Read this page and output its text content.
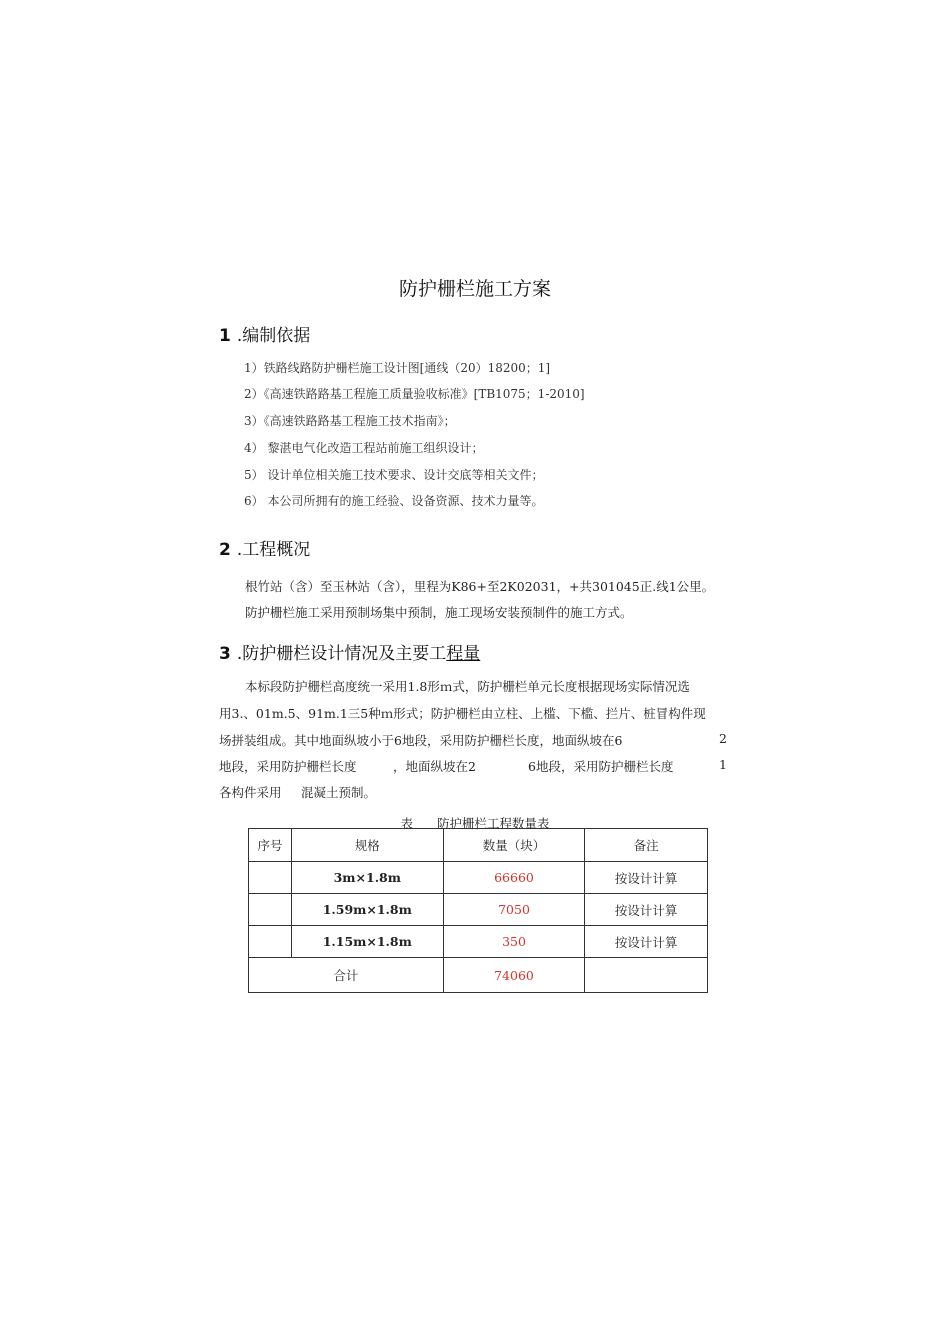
防护栅栏施工方案
1 .编制依据
1）铁路线路防护栅栏施工设计图[通线（20）18200；1]
2）《高速铁路路基工程施工质量验收标准》[TB1075；1-2010]
3）《高速铁路路基工程施工技术指南》；
4） 黎湛电气化改造工程站前施工组织设计；
5） 设计单位相关施工技术要求、设计交底等相关文件；
6） 本公司所拥有的施工经验、设备资源、技术力量等。
2 .工程概况
根竹站（含）至玉林站（含），里程为K86+至2K02031，+共301045正.线1公里。
防护栅栏施工采用预制场集中预制，施工现场安装预制件的施工方式。
3 .防护栅栏设计情况及主要工程量
本标段防护栅栏高度统一采用1.8形ｍ式，防护栅栏单元长度根据现场实际情况选
用3.、01m.5、91m.1三5种ｍ形式；防护栅栏由立柱、上槛、下槛、拦片、桩冒构件现
场拼装组成。其中地面纵坡小于6地段，采用防护栅栏长度，地面纵坡在6	2
地段，采用防护栅栏长度	，地面纵坡在2	6地段，采用防护栅栏长度	1
各构件采用 混凝土预制。
表 防护栅栏工程数量表
序号	规格	数量（块）	备注
	3m×1.8m	66660	按设计计算
	1.59m×1.8m	7050	按设计计算
	1.15m×1.8m	350	按设计计算
合计		74060	
